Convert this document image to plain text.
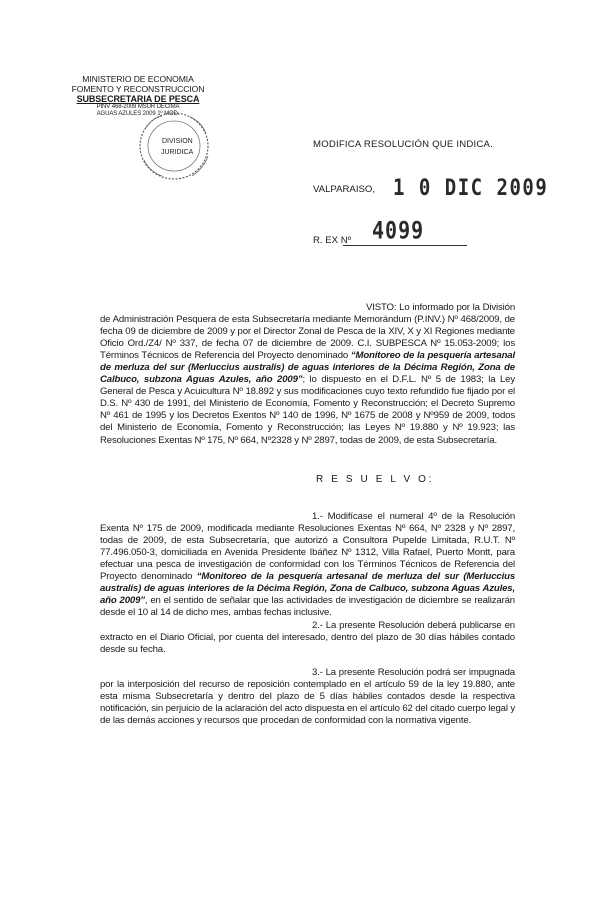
MINISTERIO DE ECONOMIA
FOMENTO Y RECONSTRUCCION
SUBSECRETARIA DE PESCA
PINV 468-2009 MSUR DECIMA
AGUAS AZULES 2009 1º MOD.
DIVISION
JURIDICA
MODIFICA RESOLUCIÓN QUE INDICA.
VALPARAISO, 1 0 DIC 2009
R. EX Nº 4099
VISTO: Lo informado por la División de Administración Pesquera de esta Subsecretaría mediante Memorándum (P.INV.) Nº 468/2009, de fecha 09 de diciembre de 2009 y por el Director Zonal de Pesca de la XIV, X y XI Regiones mediante Oficio Ord./Z4/ Nº 337, de fecha 07 de diciembre de 2009. C.I. SUBPESCA Nº 15.053-2009; los Términos Técnicos de Referencia del Proyecto denominado “Monitoreo de la pesquería artesanal de merluza del sur (Merluccius australis) de aguas interiores de la Décima Región, Zona de Calbuco, subzona Aguas Azules, año 2009”; lo dispuesto en el D.F.L. Nº 5 de 1983; la Ley General de Pesca y Acuicultura Nº 18.892 y sus modificaciones cuyo texto refundido fue fijado por el D.S. Nº 430 de 1991, del Ministerio de Economía, Fomento y Reconstrucción; el Decreto Supremo Nº 461 de 1995 y los Decretos Exentos Nº 140 de 1996, Nº 1675 de 2008 y Nº959 de 2009, todos del Ministerio de Economía, Fomento y Reconstrucción; las Leyes Nº 19.880 y Nº 19.923; las Resoluciones Exentas Nº 175, Nº 664, Nº2328 y Nº 2897, todas de 2009, de esta Subsecretaría.
R E S U E L V O:
1.- Modifícase el numeral 4º de la Resolución Exenta Nº 175 de 2009, modificada mediante Resoluciones Exentas Nº 664, Nº 2328 y Nº 2897, todas de 2009, de esta Subsecretaría, que autorizó a Consultora Pupelde Limitada, R.U.T. Nº 77.496.050-3, domiciliada en Avenida Presidente Ibáñez Nº 1312, Villa Rafael, Puerto Montt, para efectuar una pesca de investigación de conformidad con los Términos Técnicos de Referencia del Proyecto denominado “Monitoreo de la pesquería artesanal de merluza del sur (Merluccius australis) de aguas interiores de la Décima Región, Zona de Calbuco, subzona Aguas Azules, año 2009”, en el sentido de señalar que las actividades de investigación de diciembre se realizarán desde el 10 al 14 de dicho mes, ambas fechas inclusive.
2.- La presente Resolución deberá publicarse en extracto en el Diario Oficial, por cuenta del interesado, dentro del plazo de 30 días hábiles contado desde su fecha.
3.- La presente Resolución podrá ser impugnada por la interposición del recurso de reposición contemplado en el artículo 59 de la ley 19.880, ante esta misma Subsecretaría y dentro del plazo de 5 días hábiles contados desde la respectiva notificación, sin perjuicio de la aclaración del acto dispuesta en el artículo 62 del citado cuerpo legal y de las demás acciones y recursos que procedan de conformidad con la normativa vigente.
